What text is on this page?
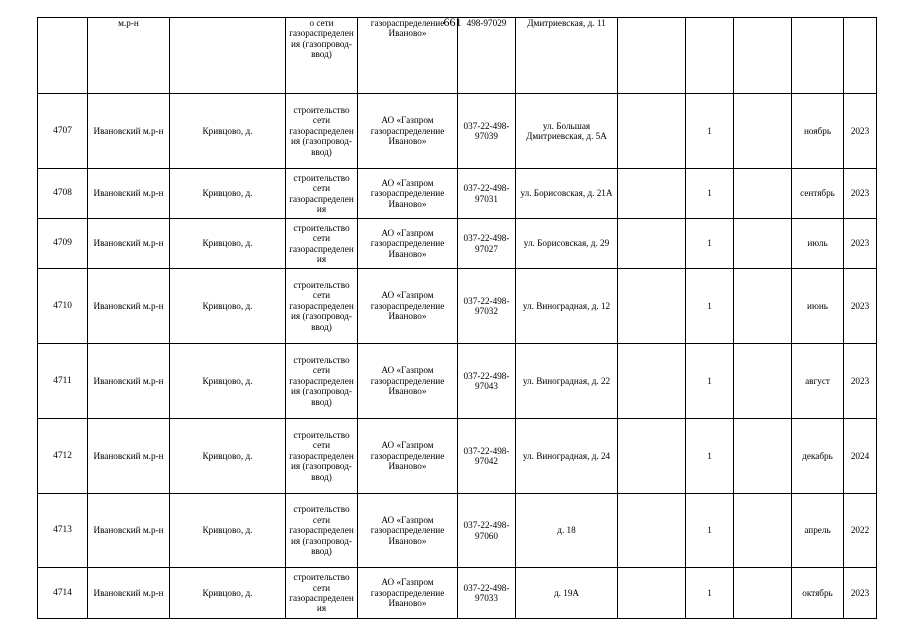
661
	м.р-н		о сети газораспределения (газопровод-ввод)	газораспределение Иваново»	498-97029	Дмитриевская, д. 11					
4707	Ивановский м.р-н	Кривцово, д.	строительство сети газораспределения (газопровод-ввод)	АО «Газпром газораспределение Иваново»	037-22-498-97039	ул. Большая Дмитриевская, д. 5А		1		ноябрь	2023
4708	Ивановский м.р-н	Кривцово, д.	строительство сети газораспределения	АО «Газпром газораспределение Иваново»	037-22-498-97031	ул. Борисовская, д. 21А		1		сентябрь	2023
4709	Ивановский м.р-н	Кривцово, д.	строительство сети газораспределения	АО «Газпром газораспределение Иваново»	037-22-498-97027	ул. Борисовская, д. 29		1		июль	2023
4710	Ивановский м.р-н	Кривцово, д.	строительство сети газораспределения (газопровод-ввод)	АО «Газпром газораспределение Иваново»	037-22-498-97032	ул. Виноградная, д. 12		1		июнь	2023
4711	Ивановский м.р-н	Кривцово, д.	строительство сети газораспределения (газопровод-ввод)	АО «Газпром газораспределение Иваново»	037-22-498-97043	ул. Виноградная, д. 22		1		август	2023
4712	Ивановский м.р-н	Кривцово, д.	строительство сети газораспределения (газопровод-ввод)	АО «Газпром газораспределение Иваново»	037-22-498-97042	ул. Виноградная, д. 24		1		декабрь	2024
4713	Ивановский м.р-н	Кривцово, д.	строительство сети газораспределения (газопровод-ввод)	АО «Газпром газораспределение Иваново»	037-22-498-97060	д. 18		1		апрель	2022
4714	Ивановский м.р-н	Кривцово, д.	строительство сети газораспределения	АО «Газпром газораспределение Иваново»	037-22-498-97033	д. 19А		1		октябрь	2023
